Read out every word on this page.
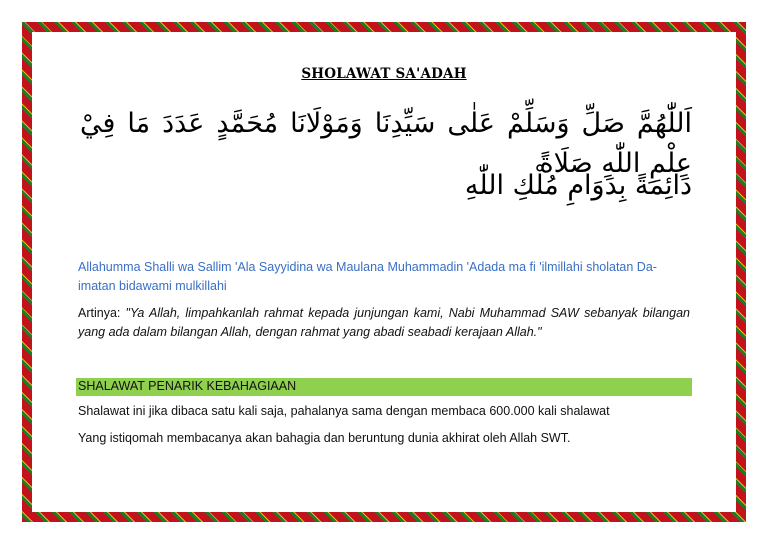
SHOLAWAT SA'ADAH
اَللّٰهُمَّ صَلِّ وَسَلِّمْ عَلٰى سَيِّدِنَا وَمَوْلَانَا مُحَمَّدٍ عَدَدَ مَا فِيْ عِلْمِ اللّٰهِ صَلَاةً
دَائِمَةً بِدَوَامِ مُلْكِ اللّٰهِ
Allahumma Shalli wa Sallim 'Ala Sayyidina wa Maulana Muhammadin 'Adada ma fi 'ilmillahi sholatan Da-imatan bidawami mulkillahi
Artinya: "Ya Allah, limpahkanlah rahmat kepada junjungan kami, Nabi Muhammad SAW sebanyak bilangan yang ada dalam bilangan Allah, dengan rahmat yang abadi seabadi kerajaan Allah."
SHALAWAT PENARIK KEBAHAGIAAN
Shalawat ini jika dibaca satu kali saja, pahalanya sama dengan membaca 600.000 kali shalawat
Yang istiqomah membacanya akan bahagia dan beruntung dunia akhirat oleh Allah SWT.
